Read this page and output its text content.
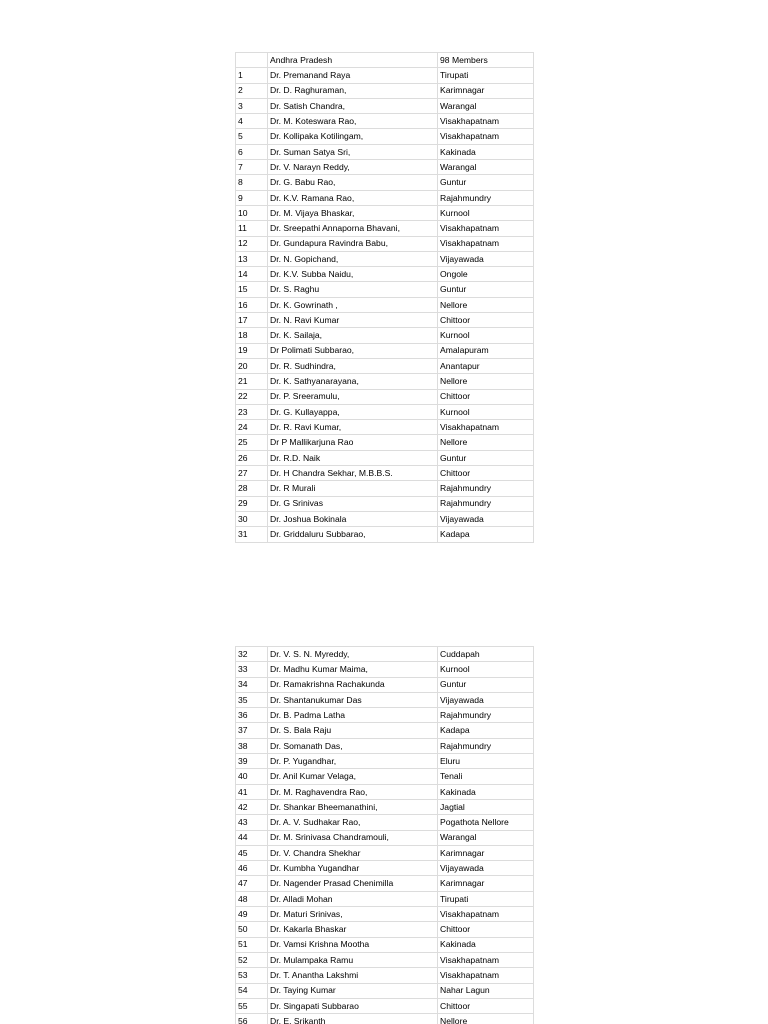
	Andhra Pradesh	98 Members
1	Dr. Premanand Raya	Tirupati
2	Dr. D. Raghuraman,	Karimnagar
3	Dr. Satish Chandra,	Warangal
4	Dr. M. Koteswara Rao,	Visakhapatnam
5	Dr. Kollipaka Kotilingam,	Visakhapatnam
6	Dr. Suman Satya Sri,	Kakinada
7	Dr. V. Narayn Reddy,	Warangal
8	Dr. G. Babu Rao,	Guntur
9	Dr. K.V. Ramana Rao,	Rajahmundry
10	Dr. M. Vijaya Bhaskar,	Kurnool
11	Dr. Sreepathi Annaporna Bhavani,	Visakhapatnam
12	Dr. Gundapura Ravindra Babu,	Visakhapatnam
13	Dr. N. Gopichand,	Vijayawada
14	Dr. K.V. Subba Naidu,	Ongole
15	Dr. S. Raghu	Guntur
16	Dr. K. Gowrinath ,	Nellore
17	Dr. N. Ravi Kumar	Chittoor
18	Dr. K. Sailaja,	Kurnool
19	Dr Polimati Subbarao,	Amalapuram
20	Dr. R. Sudhindra,	Anantapur
21	Dr. K. Sathyanarayana,	Nellore
22	Dr. P. Sreeramulu,	Chittoor
23	Dr. G. Kullayappa,	Kurnool
24	Dr. R. Ravi Kumar,	Visakhapatnam
25	Dr P Mallikarjuna Rao	Nellore
26	Dr. R.D. Naik	Guntur
27	Dr. H Chandra Sekhar, M.B.B.S.	Chittoor
28	Dr. R Murali	Rajahmundry
29	Dr. G Srinivas	Rajahmundry
30	Dr. Joshua Bokinala	Vijayawada
31	Dr. Griddaluru Subbarao,	Kadapa
32	Dr. V. S. N. Myreddy,	Cuddapah
33	Dr. Madhu Kumar Maima,	Kurnool
34	Dr. Ramakrishna Rachakunda	Guntur
35	Dr. Shantanukumar Das	Vijayawada
36	Dr. B. Padma Latha	Rajahmundry
37	Dr. S. Bala Raju	Kadapa
38	Dr. Somanath Das,	Rajahmundry
39	Dr. P. Yugandhar,	Eluru
40	Dr. Anil Kumar Velaga,	Tenali
41	Dr. M. Raghavendra Rao,	Kakinada
42	Dr. Shankar Bheemanathini,	Jagtial
43	Dr. A. V. Sudhakar Rao,	Pogathota Nellore
44	Dr. M. Srinivasa Chandramouli,	Warangal
45	Dr. V. Chandra Shekhar	Karimnagar
46	Dr. Kumbha Yugandhar	Vijayawada
47	Dr. Nagender Prasad Chenimilla	Karimnagar
48	Dr. Alladi Mohan	Tirupati
49	Dr. Maturi Srinivas,	Visakhapatnam
50	Dr. Kakarla Bhaskar	Chittoor
51	Dr. Vamsi Krishna Mootha	Kakinada
52	Dr. Mulampaka Ramu	Visakhapatnam
53	Dr. T. Anantha Lakshmi	Visakhapatnam
54	Dr. Taying Kumar	Nahar Lagun
55	Dr. Singapati Subbarao	Chittoor
56	Dr. E. Srikanth	Nellore
